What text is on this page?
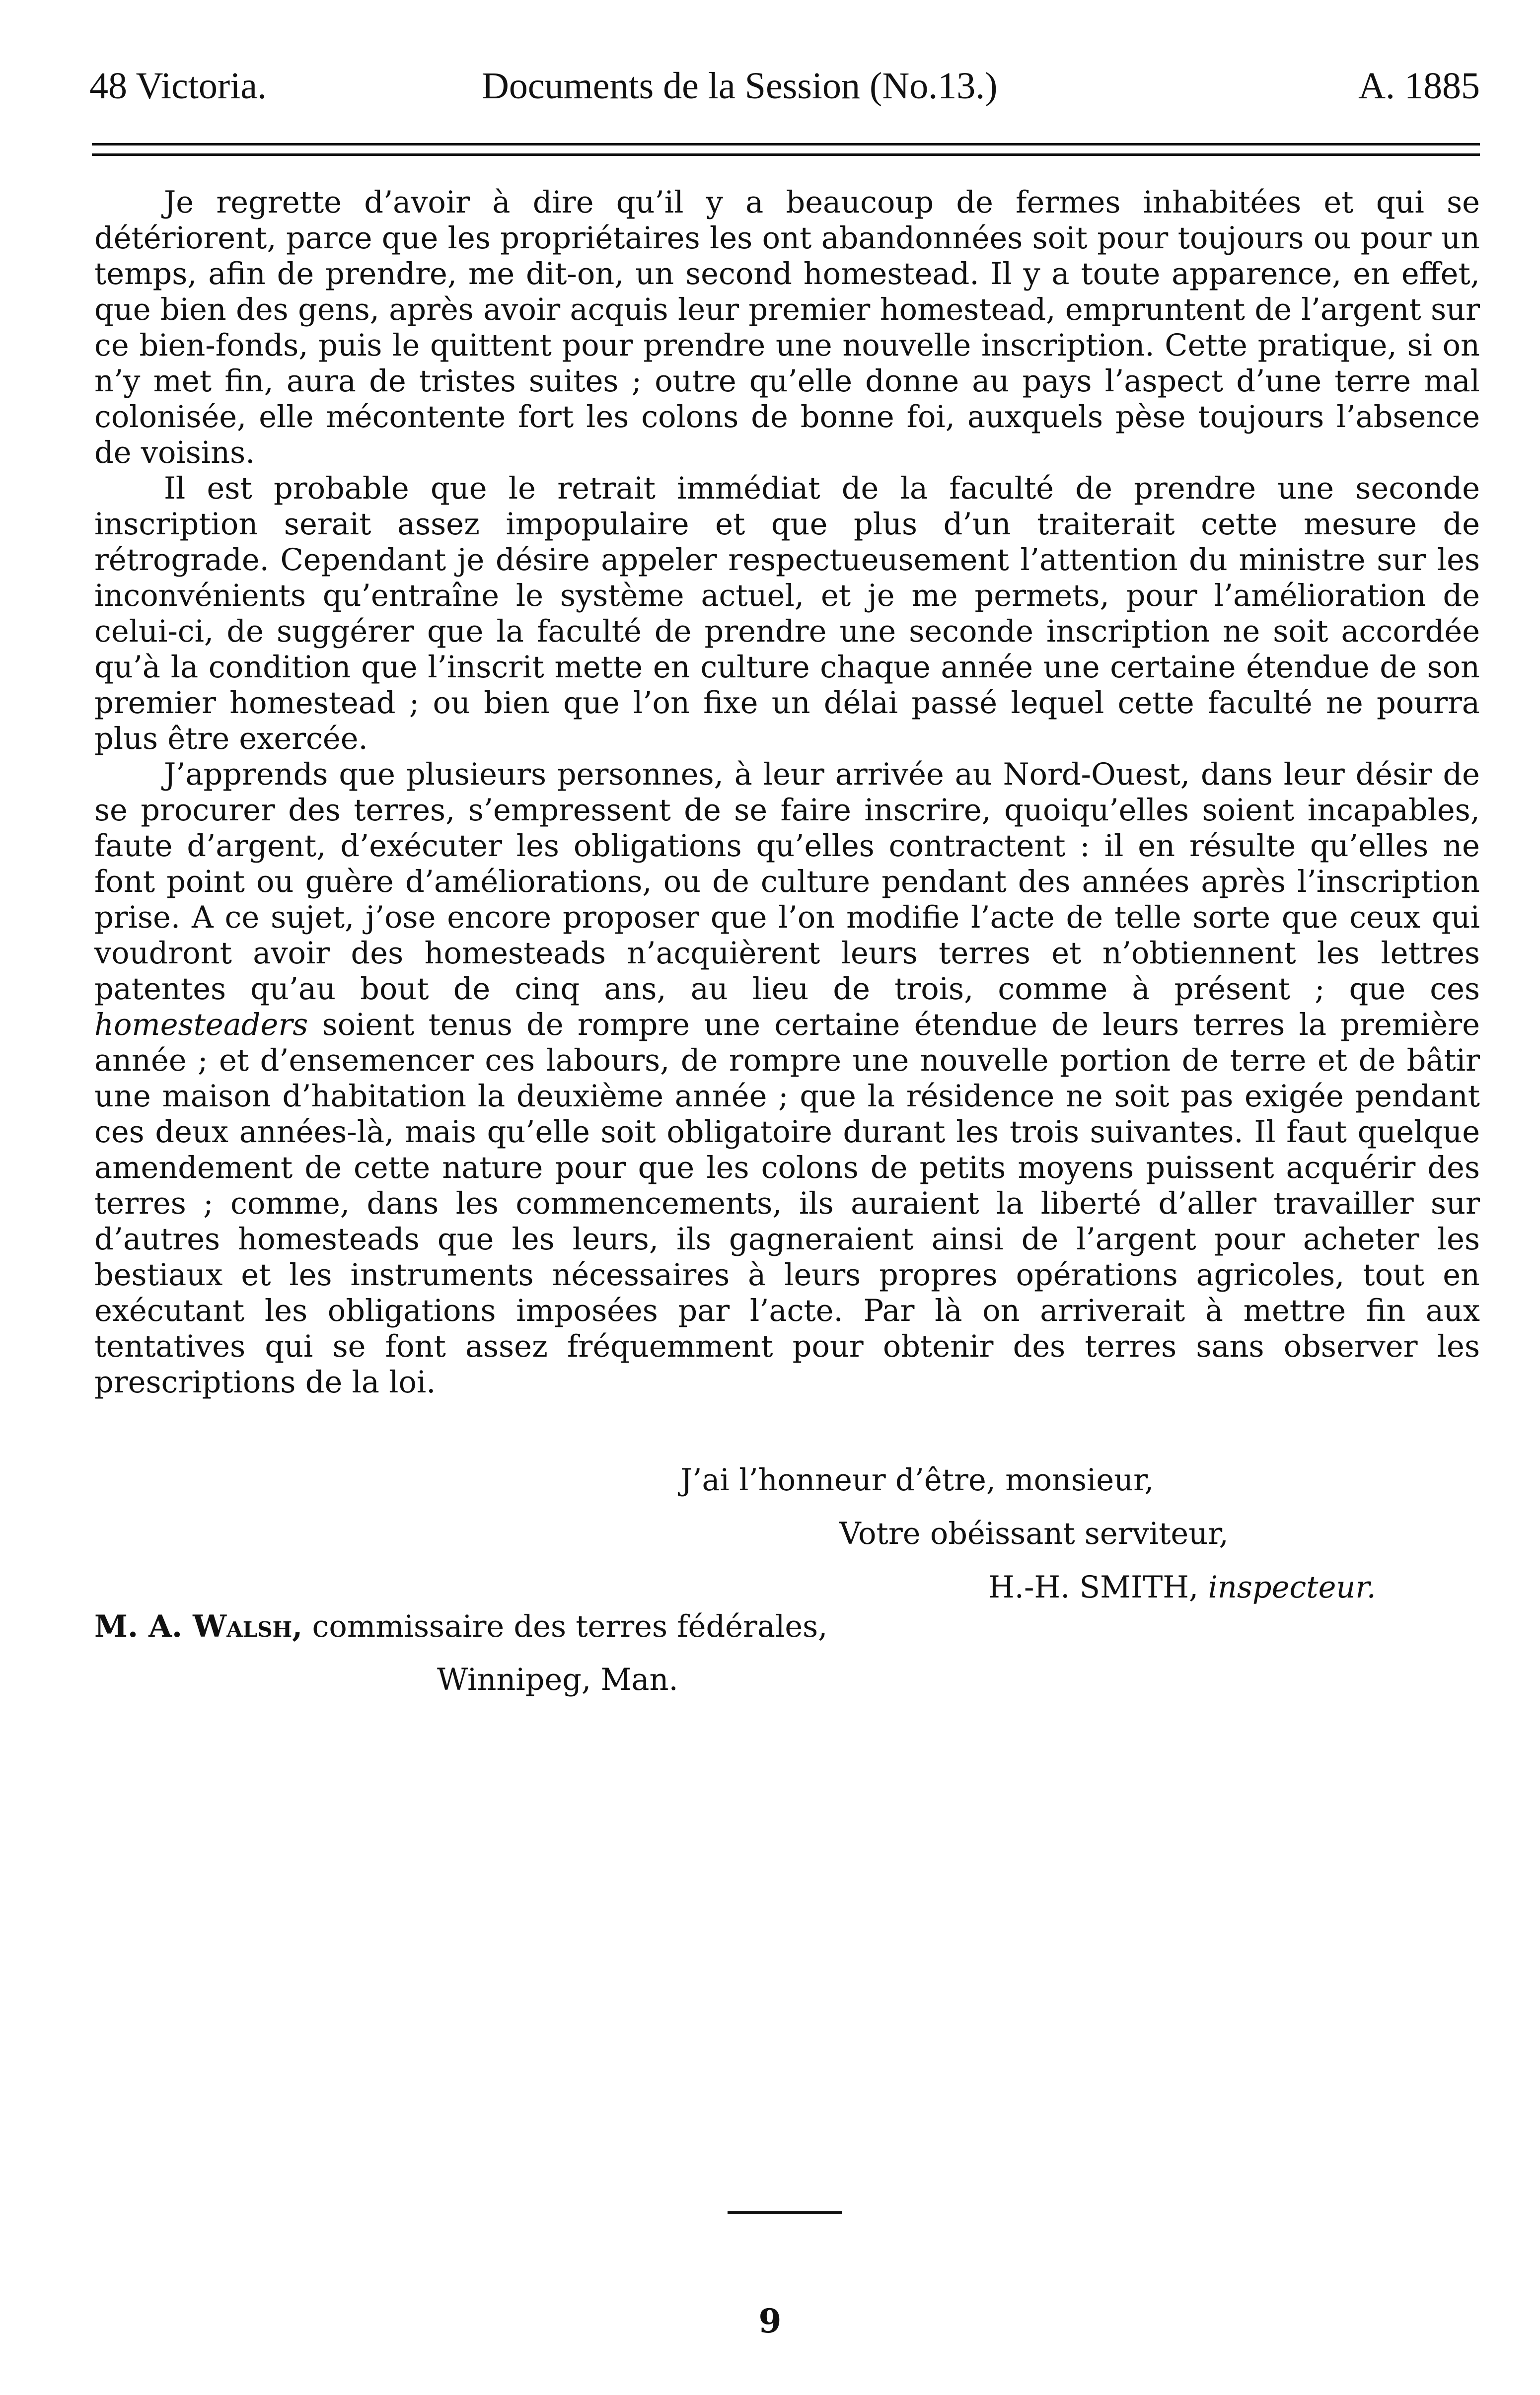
48 Victoria.	Documents de la Session (No.13.)	A. 1885

Je regrette d’avoir à dire qu’il y a beaucoup de fermes inhabitées et qui se détériorent, parce que les propriétaires les ont abandonnées soit pour toujours ou pour un temps, afin de prendre, me dit-on, un second homestead. Il y a toute apparence, en effet, que bien des gens, après avoir acquis leur premier homestead, empruntent de l’argent sur ce bien-fonds, puis le quittent pour prendre une nouvelle inscription. Cette pratique, si on n’y met fin, aura de tristes suites ; outre qu’elle donne au pays l’aspect d’une terre mal colonisée, elle mécontente fort les colons de bonne foi, auxquels pèse toujours l’absence de voisins.

Il est probable que le retrait immédiat de la faculté de prendre une seconde inscription serait assez impopulaire et que plus d’un traiterait cette mesure de rétrograde. Cependant je désire appeler respectueusement l’attention du ministre sur les inconvénients qu’entraîne le système actuel, et je me permets, pour l’amélioration de celui-ci, de suggérer que la faculté de prendre une seconde inscription ne soit accordée qu’à la condition que l’inscrit mette en culture chaque année une certaine étendue de son premier homestead ; ou bien que l’on fixe un délai passé lequel cette faculté ne pourra plus être exercée.

J’apprends que plusieurs personnes, à leur arrivée au Nord-Ouest, dans leur désir de se procurer des terres, s’empressent de se faire inscrire, quoiqu’elles soient incapables, faute d’argent, d’exécuter les obligations qu’elles contractent : il en résulte qu’elles ne font point ou guère d’améliorations, ou de culture pendant des années après l’inscription prise. A ce sujet, j’ose encore proposer que l’on modifie l’acte de telle sorte que ceux qui voudront avoir des homesteads n’acquièrent leurs terres et n’obtiennent les lettres patentes qu’au bout de cinq ans, au lieu de trois, comme à présent ; que ces homesteaders soient tenus de rompre une certaine étendue de leurs terres la première année ; et d’ensemencer ces labours, de rompre une nouvelle portion de terre et de bâtir une maison d’habitation la deuxième année ; que la résidence ne soit pas exigée pendant ces deux années-là, mais qu’elle soit obligatoire durant les trois suivantes. Il faut quelque amendement de cette nature pour que les colons de petits moyens puissent acquérir des terres ; comme, dans les commencements, ils auraient la liberté d’aller travailler sur d’autres homesteads que les leurs, ils gagneraient ainsi de l’argent pour acheter les bestiaux et les instruments nécessaires à leurs propres opérations agricoles, tout en exécutant les obligations imposées par l’acte. Par là on arriverait à mettre fin aux tentatives qui se font assez fréquemment pour obtenir des terres sans observer les prescriptions de la loi.

J’ai l’honneur d’être, monsieur,
Votre obéissant serviteur,
H.-H. SMITH, inspecteur.
M. A. Walsh, commissaire des terres fédérales,
Winnipeg, Man.
9
